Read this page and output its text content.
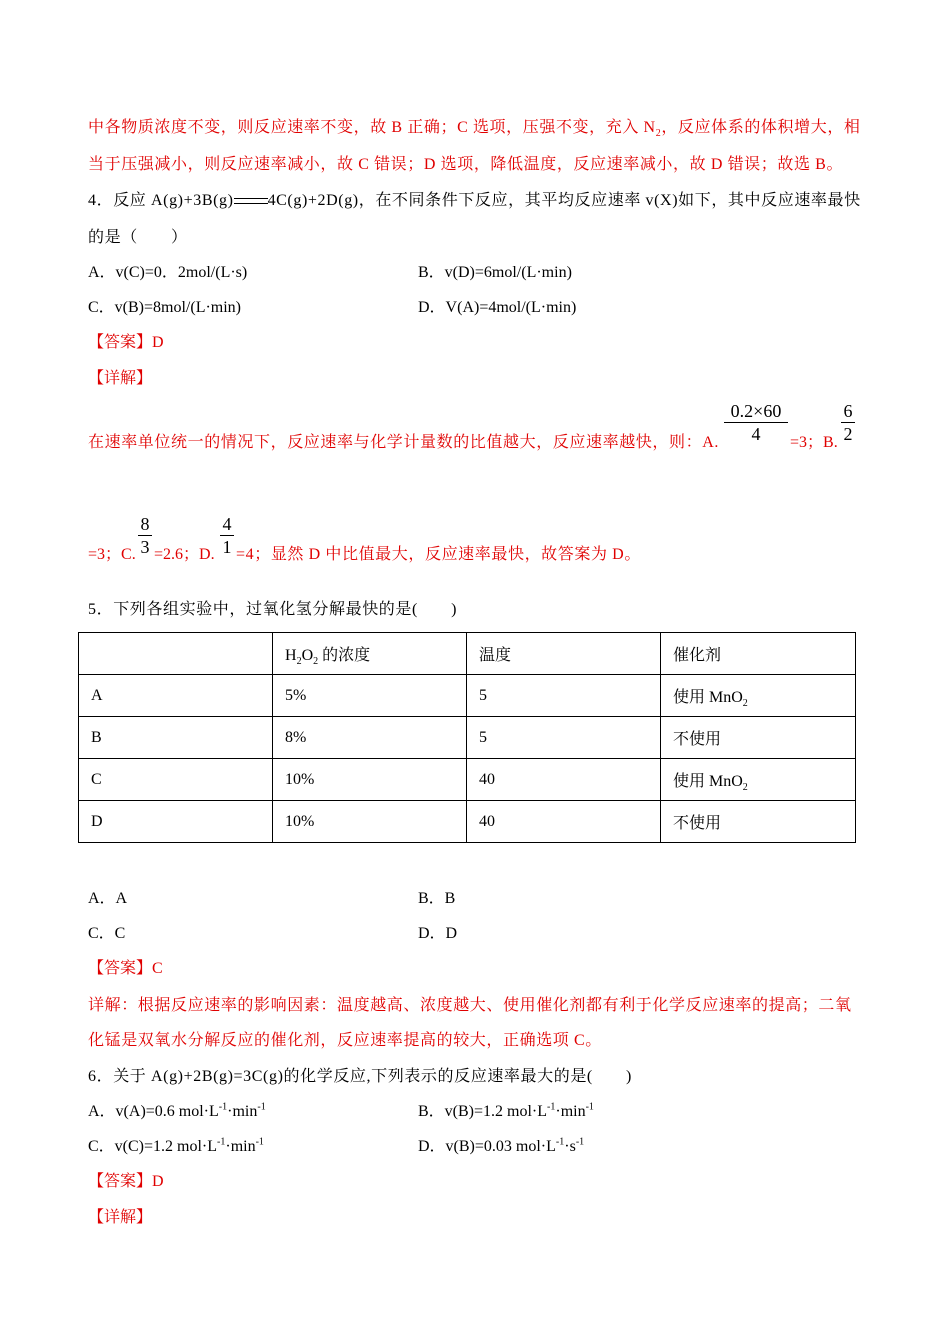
中各物质浓度不变，则反应速率不变，故 B 正确；C 选项，压强不变，充入 $N_2$，反应体系的体积增大，相
当于压强减小，则反应速率减小，故 C 错误；D 选项，降低温度，反应速率减小，故 D 错误；故选 B。
4．反应 A(g)+3B(g) 4C(g)+2D(g)，在不同条件下反应，其平均反应速率 v(X)如下，其中反应速率最快
的是（　　）
A．v(C)=0．2mol/(L·s)	B．v(D)=6mol/(L·min)
C．v(B)=8mol/(L·min)	D．V(A)=4mol/(L·min)
【答案】D
【详解】
在速率单位统一的情况下，反应速率与化学计量数的比值越大，反应速率越快，则：A.
0.2×60
4	=3；B.
6
2
=3；C.
8
3 =2.6；D.
4
1 =4；显然 D 中比值最大，反应速率最快，故答案为 D。
5．下列各组实验中，过氧化氢分解最快的是(　　)
	$H_2O_2$ 的浓度	温度	催化剂
A	5%	5	使用 MnO$_2$
B	8%	5	不使用
C	10%	40	使用 MnO$_2$
D	10%	40	不使用
A．A	B．B
C．C	D．D
【答案】C
详解：根据反应速率的影响因素：温度越高、浓度越大、使用催化剂都有利于化学反应速率的提高；二氧
化锰是双氧水分解反应的催化剂，反应速率提高的较大，正确选项 C。
6．关于 A(g)+2B(g)=3C(g)的化学反应,下列表示的反应速率最大的是(　　)
A．v(A)=0.6 $mol\cdot L^{-1}\cdot\min^{-1}$	B．v(B)=1.2 $mol\cdot L^{-1}\cdot\min^{-1}$
C．v(C)=1.2 $mol\cdot L^{-1}\cdot\min^{-1}$	D．v(B)=0.03 $mol\cdot L^{-1}\cdot s^{-1}$
【答案】D
【详解】
